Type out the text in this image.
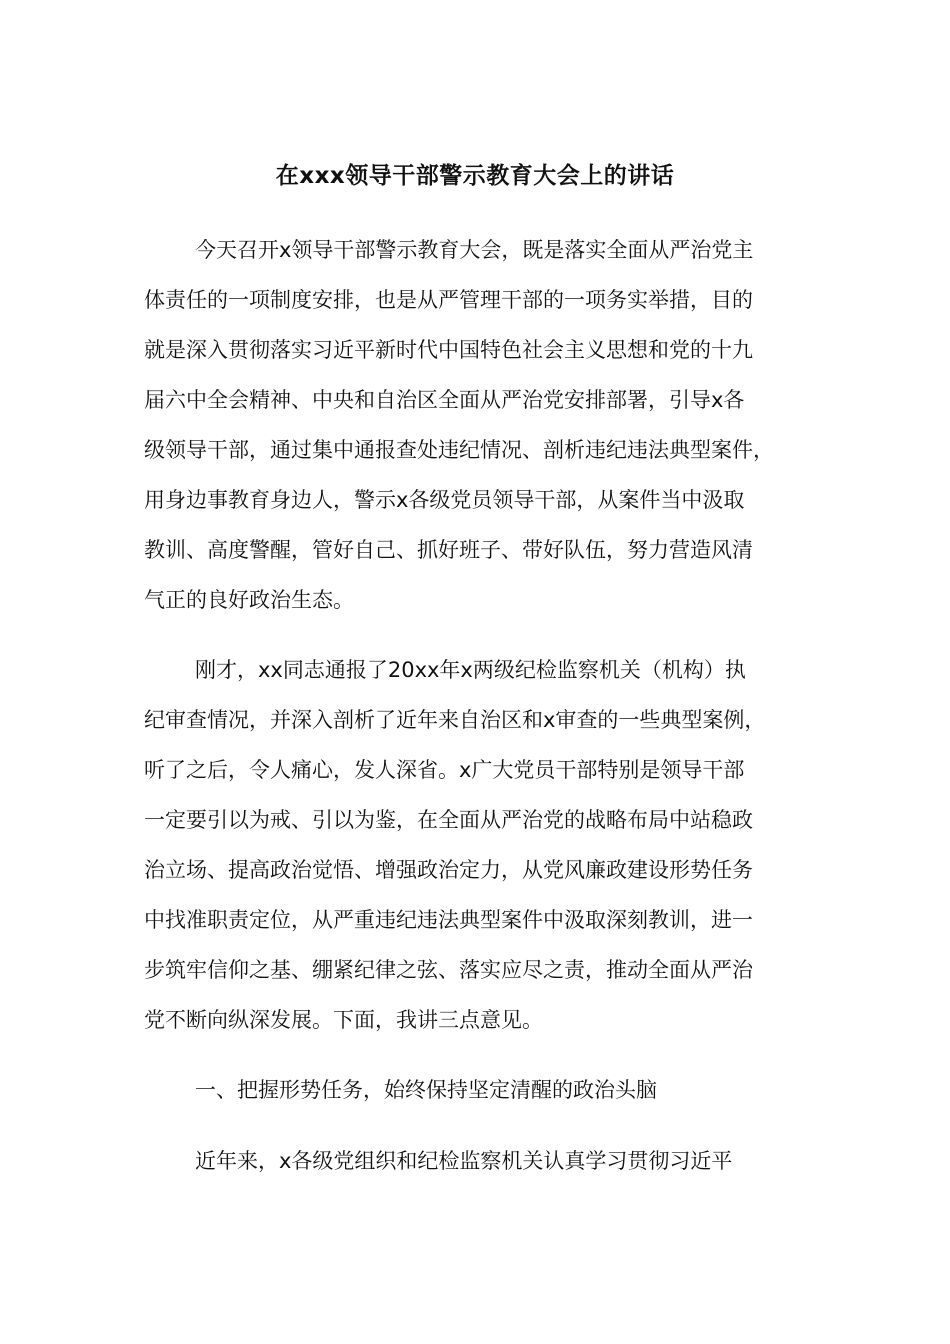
在xxx领导干部警示教育大会上的讲话
今天召开x领导干部警示教育大会，既是落实全面从严治党主
体责任的一项制度安排，也是从严管理干部的一项务实举措，目的
就是深入贯彻落实习近平新时代中国特色社会主义思想和党的十九
届六中全会精神、中央和自治区全面从严治党安排部署，引导x各
级领导干部，通过集中通报查处违纪情况、剖析违纪违法典型案件，
用身边事教育身边人，警示x各级党员领导干部，从案件当中汲取
教训、高度警醒，管好自己、抓好班子、带好队伍，努力营造风清
气正的良好政治生态。
刚才，xx同志通报了20xx年x两级纪检监察机关（机构）执
纪审查情况，并深入剖析了近年来自治区和x审查的一些典型案例，
听了之后，令人痛心，发人深省。x广大党员干部特别是领导干部
一定要引以为戒、引以为鉴，在全面从严治党的战略布局中站稳政
治立场、提高政治觉悟、增强政治定力，从党风廉政建设形势任务
中找准职责定位，从严重违纪违法典型案件中汲取深刻教训，进一
步筑牢信仰之基、绷紧纪律之弦、落实应尽之责，推动全面从严治
党不断向纵深发展。下面，我讲三点意见。
一、把握形势任务，始终保持坚定清醒的政治头脑
近年来，x各级党组织和纪检监察机关认真学习贯彻习近平
